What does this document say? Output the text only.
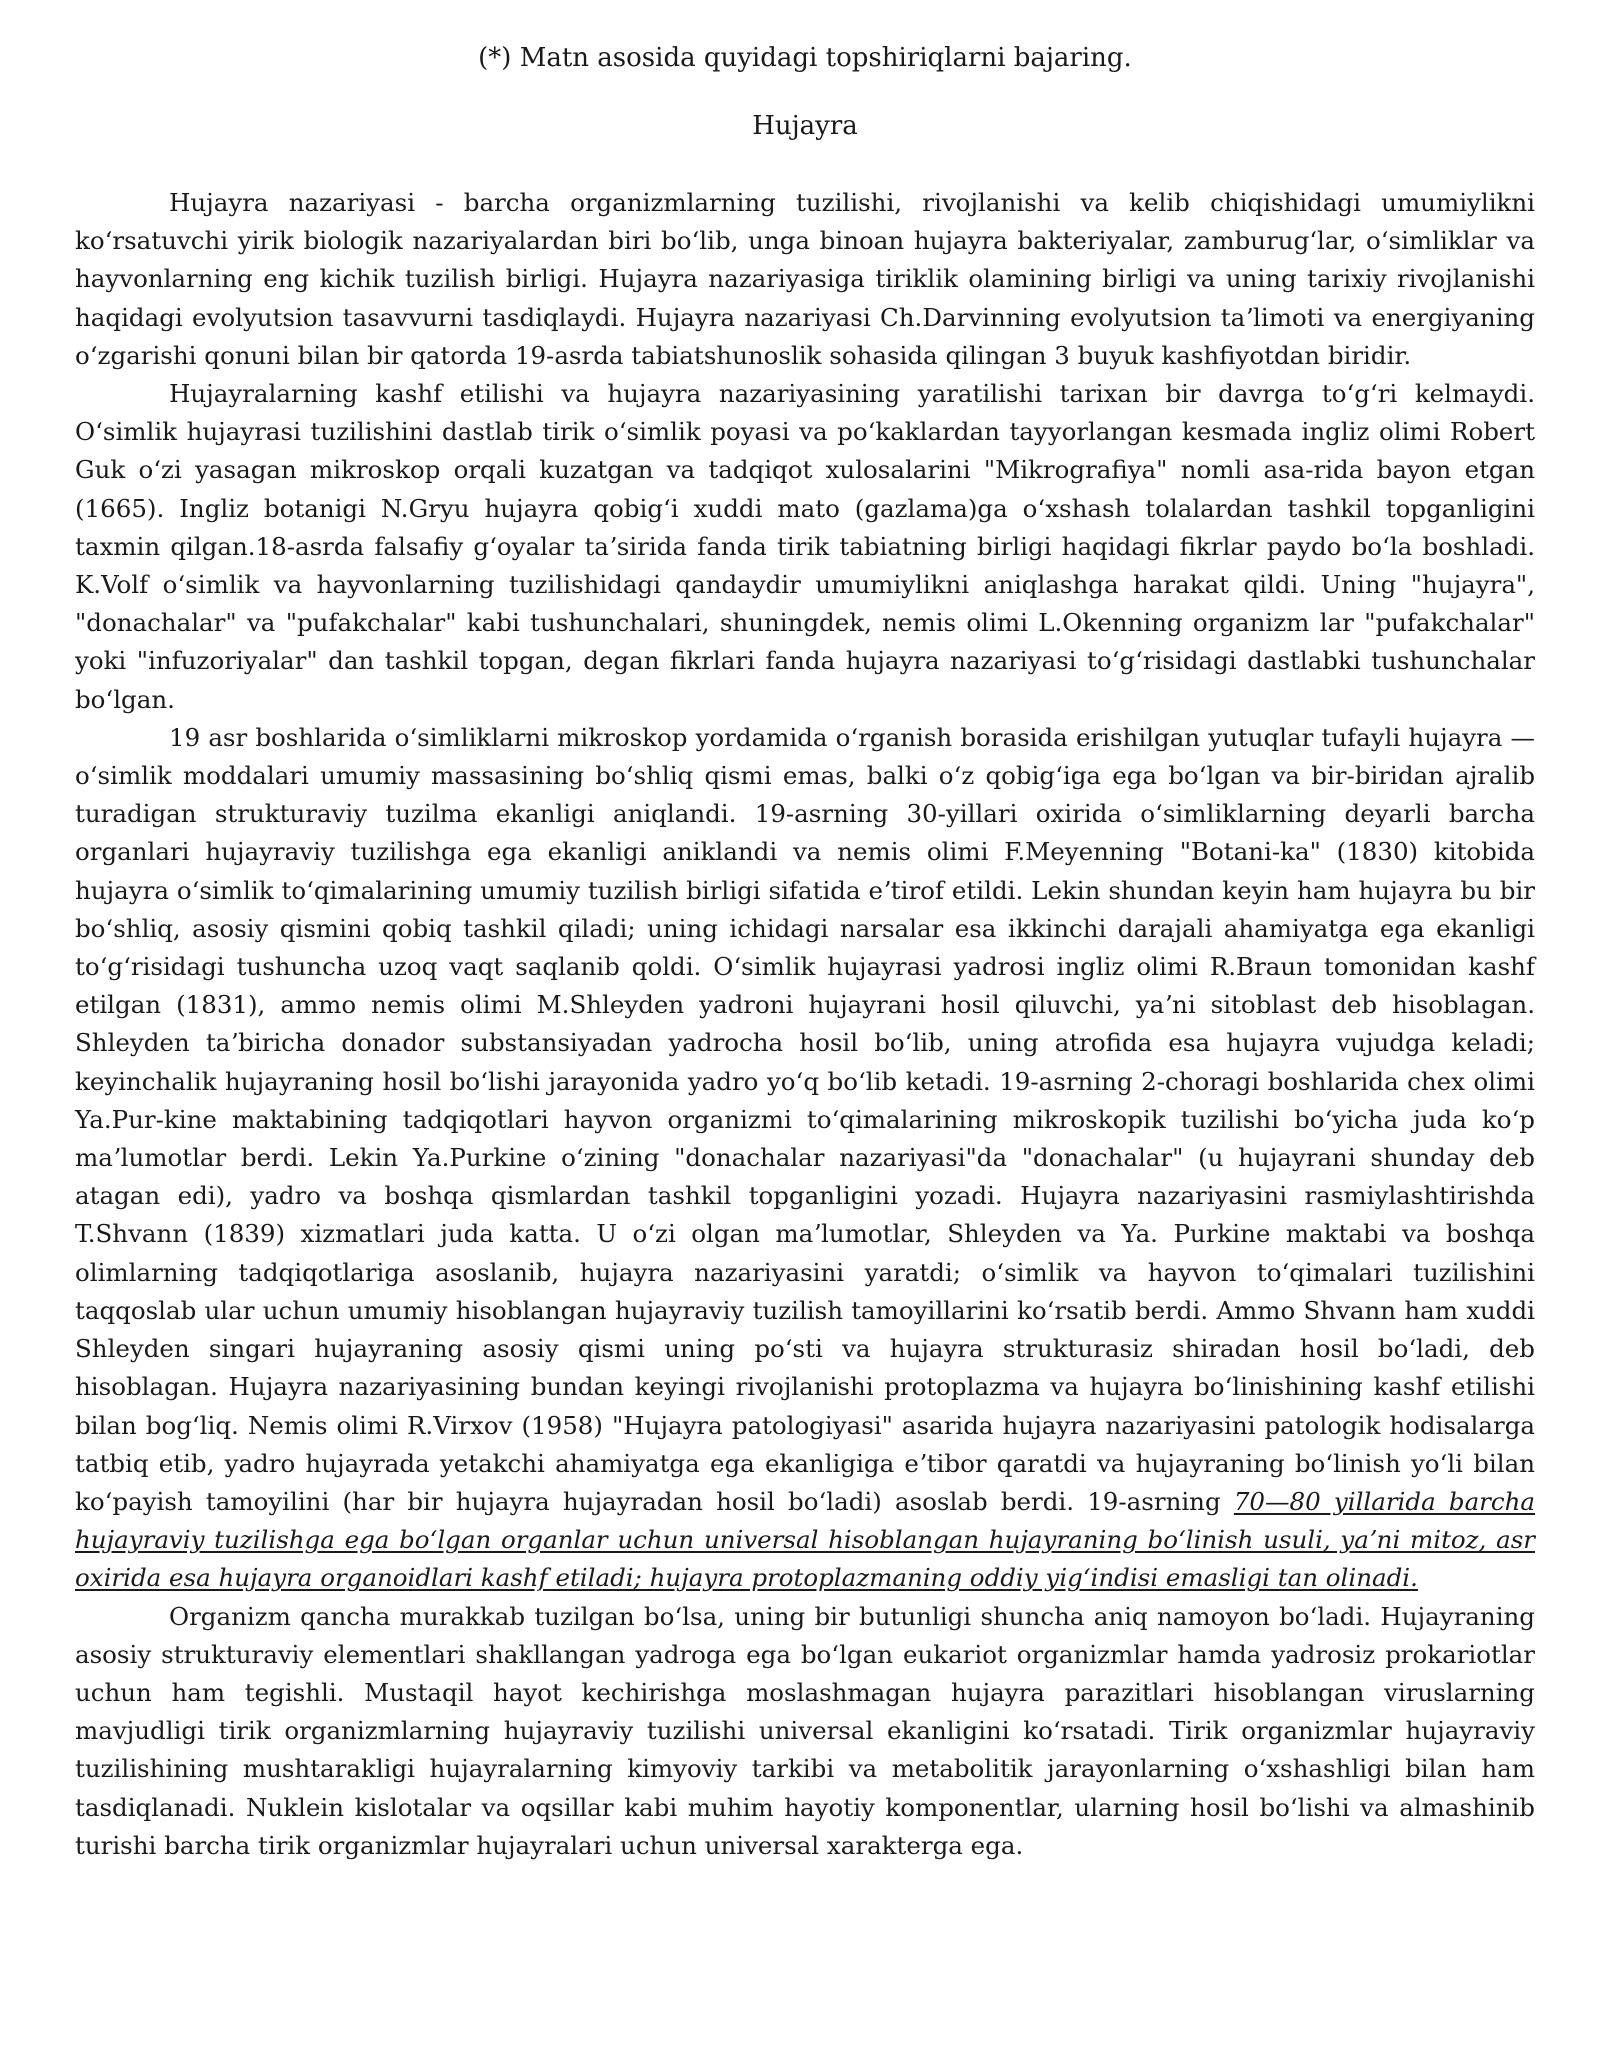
(*) Matn asosida quyidagi topshiriqlarni bajaring.

Hujayra

Hujayra nazariyasi - barcha organizmlarning tuzilishi, rivojlanishi va kelib chiqishidagi umumiylikni koʻrsatuvchi yirik biologik nazariyalardan biri boʻlib, unga binoan hujayra bakteriyalar, zamburugʻlar, oʻsimliklar va hayvonlarning eng kichik tuzilish birligi. Hujayra nazariyasiga tiriklik olamining birligi va uning tarixiy rivojlanishi haqidagi evolyutsion tasavvurni tasdiqlaydi. Hujayra nazariyasi Ch.Darvinning evolyutsion taʼlimoti va energiyaning oʻzgarishi qonuni bilan bir qatorda 19-asrda tabiatshunoslik sohasida qilingan 3 buyuk kashfiyotdan biridir.

Hujayralarning kashf etilishi va hujayra nazariyasining yaratilishi tarixan bir davrga toʻgʻri kelmaydi. Oʻsimlik hujayrasi tuzilishini dastlab tirik oʻsimlik poyasi va poʻkaklardan tayyorlangan kesmada ingliz olimi Robert Guk oʻzi yasagan mikroskop orqali kuzatgan va tadqiqot xulosalarini "Mikrografiya" nomli asa-rida bayon etgan (1665). Ingliz botanigi N.Gryu hujayra qobigʻi xuddi mato (gazlama)ga oʻxshash tolalardan tashkil topganligini taxmin qilgan.18-asrda falsafiy gʻoyalar taʼsirida fanda tirik tabiatning birligi haqidagi fikrlar paydo boʻla boshladi. K.Volf oʻsimlik va hayvonlarning tuzilishidagi qandaydir umumiylikni aniqlashga harakat qildi. Uning "hujayra", "donachalar" va "pufakchalar" kabi tushunchalari, shuningdek, nemis olimi L.Okenning organizm lar "pufakchalar" yoki "infuzoriyalar" dan tashkil topgan, degan fikrlari fanda hujayra nazariyasi toʻgʻrisidagi dastlabki tushunchalar boʻlgan.

19 asr boshlarida oʻsimliklarni mikroskop yordamida oʻrganish borasida erishilgan yutuqlar tufayli hujayra — oʻsimlik moddalari umumiy massasining boʻshliq qismi emas, balki oʻz qobigʻiga ega boʻlgan va bir-biridan ajralib turadigan strukturaviy tuzilma ekanligi aniqlandi. 19-asrning 30-yillari oxirida oʻsimliklarning deyarli barcha organlari hujayraviy tuzilishga ega ekanligi aniklandi va nemis olimi F.Meyenning "Botani-ka" (1830) kitobida hujayra oʻsimlik toʻqimalarining umumiy tuzilish birligi sifatida eʼtirof etildi. Lekin shundan keyin ham hujayra bu bir boʻshliq, asosiy qismini qobiq tashkil qiladi; uning ichidagi narsalar esa ikkinchi darajali ahamiyatga ega ekanligi toʻgʻrisidagi tushuncha uzoq vaqt saqlanib qoldi. Oʻsimlik hujayrasi yadrosi ingliz olimi R.Braun tomonidan kashf etilgan (1831), ammo nemis olimi M.Shleyden yadroni hujayrani hosil qiluvchi, yaʼni sitoblast deb hisoblagan. Shleyden taʼbiricha donador substansiyadan yadrocha hosil boʻlib, uning atrofida esa hujayra vujudga keladi; keyinchalik hujayraning hosil boʻlishi jarayonida yadro yoʻq boʻlib ketadi. 19-asrning 2-choragi boshlarida chex olimi Ya.Pur-kine maktabining tadqiqotlari hayvon organizmi toʻqimalarining mikroskopik tuzilishi boʻyicha juda koʻp maʼlumotlar berdi. Lekin Ya.Purkine oʻzining "donachalar nazariyasi"da "donachalar" (u hujayrani shunday deb atagan edi), yadro va boshqa qismlardan tashkil topganligini yozadi. Hujayra nazariyasini rasmiylashtirishda T.Shvann (1839) xizmatlari juda katta. U oʻzi olgan maʼlumotlar, Shleyden va Ya. Purkine maktabi va boshqa olimlarning tadqiqotlariga asoslanib, hujayra nazariyasini yaratdi; oʻsimlik va hayvon toʻqimalari tuzilishini taqqoslab ular uchun umumiy hisoblangan hujayraviy tuzilish tamoyillarini koʻrsatib berdi. Ammo Shvann ham xuddi Shleyden singari hujayraning asosiy qismi uning poʻsti va hujayra strukturasiz shiradan hosil boʻladi, deb hisoblagan. Hujayra nazariyasining bundan keyingi rivojlanishi protoplazma va hujayra boʻlinishining kashf etilishi bilan bogʻliq. Nemis olimi R.Virxov (1958) "Hujayra patologiyasi" asarida hujayra nazariyasini patologik hodisalarga tatbiq etib, yadro hujayrada yetakchi ahamiyatga ega ekanligiga eʼtibor qaratdi va hujayraning boʻlinish yoʻli bilan koʻpayish tamoyilini (har bir hujayra hujayradan hosil boʻladi) asoslab berdi. 19-asrning 70—80 yillarida barcha hujayraviy tuzilishga ega boʻlgan organlar uchun universal hisoblangan hujayraning boʻlinish usuli, yaʼni mitoz, asr oxirida esa hujayra organoidlari kashf etiladi; hujayra protoplazmaning oddiy yigʻindisi emasligi tan olinadi.

Organizm qancha murakkab tuzilgan boʻlsa, uning bir butunligi shuncha aniq namoyon boʻladi. Hujayraning asosiy strukturaviy elementlari shakllangan yadroga ega boʻlgan eukariot organizmlar hamda yadrosiz prokariotlar uchun ham tegishli. Mustaqil hayot kechirishga moslashmagan hujayra parazitlari hisoblangan viruslarning mavjudligi tirik organizmlarning hujayraviy tuzilishi universal ekanligini koʻrsatadi. Tirik organizmlar hujayraviy tuzilishining mushtarakligi hujayralarning kimyoviy tarkibi va metabolitik jarayonlarning oʻxshashligi bilan ham tasdiqlanadi. Nuklein kislotalar va oqsillar kabi muhim hayotiy komponentlar, ularning hosil boʻlishi va almashinib turishi barcha tirik organizmlar hujayralari uchun universal xarakterga ega.
